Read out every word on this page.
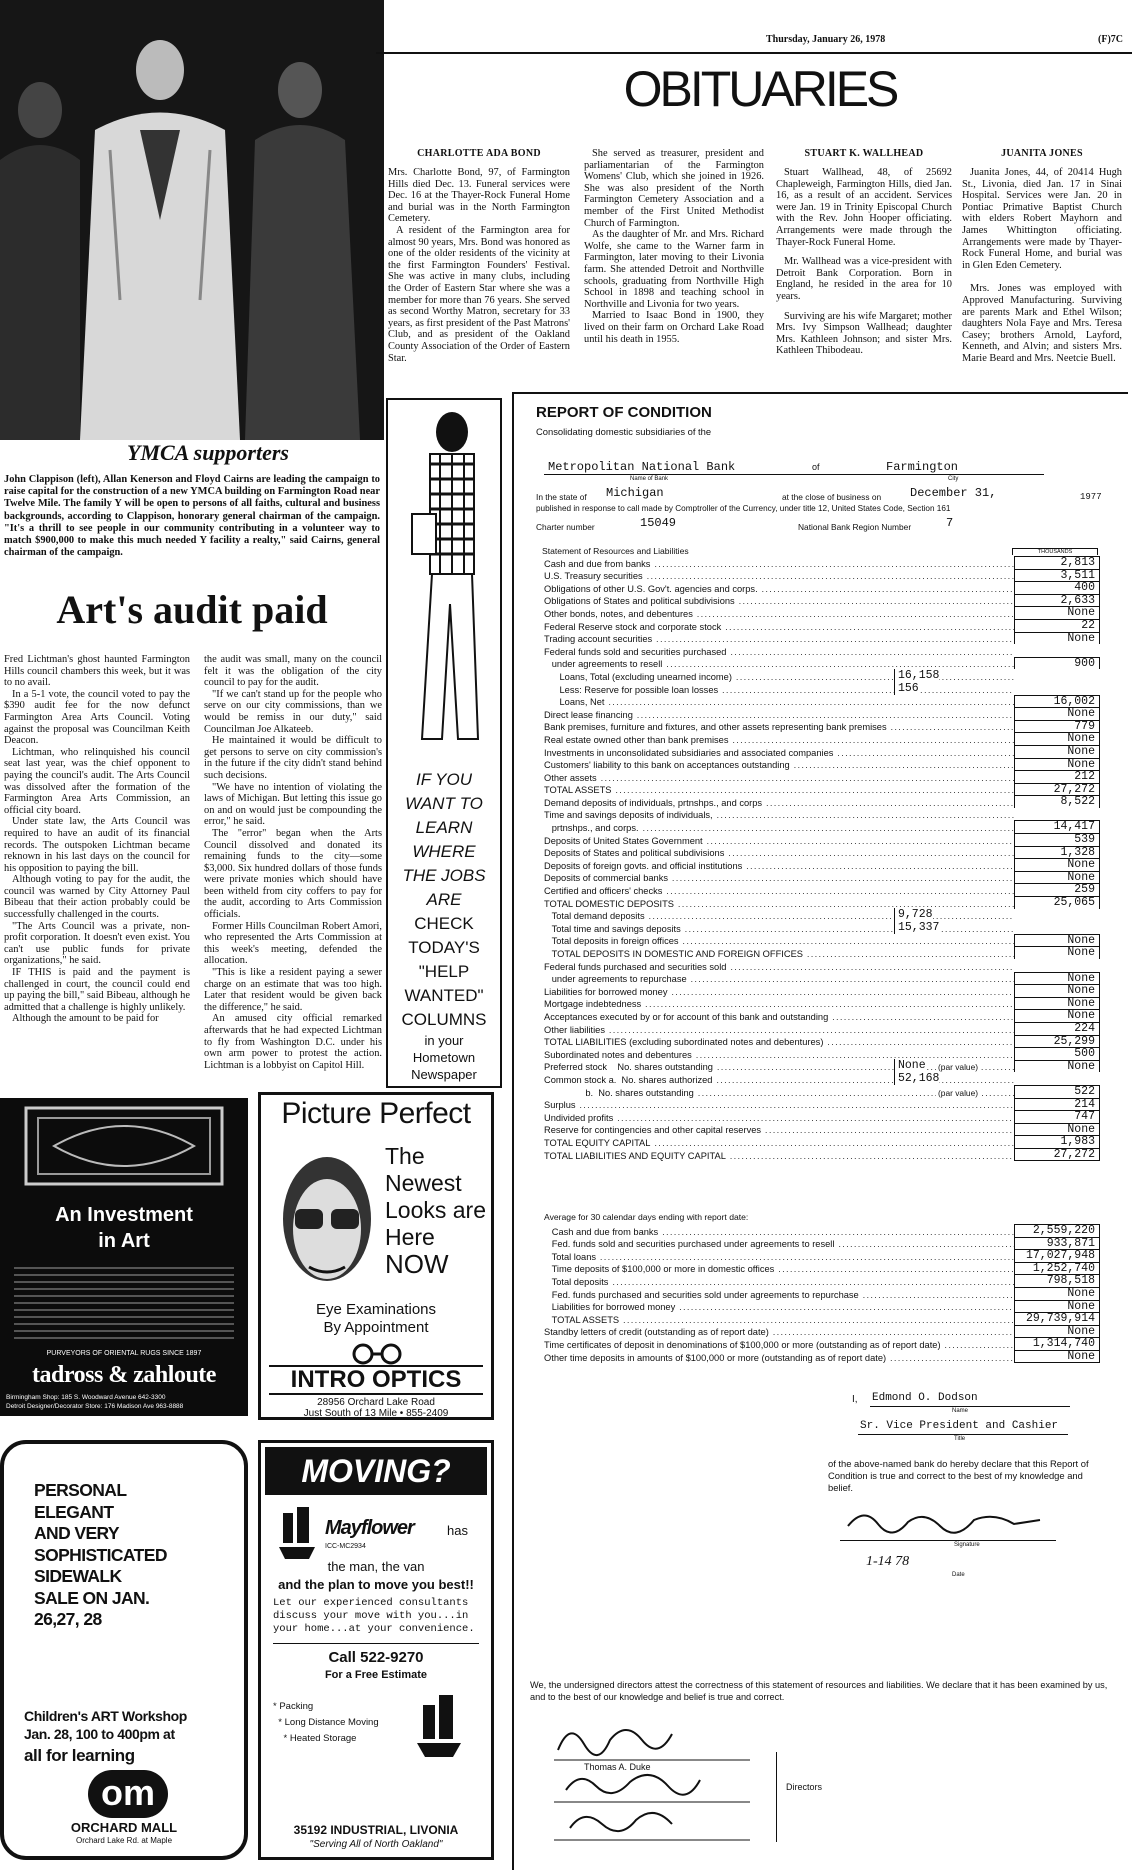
YMCA supporters
John Clappison (left), Allan Kenerson and Floyd Cairns are leading the campaign to raise capital for the construction of a new YMCA building on Farmington Road near Twelve Mile. The family Y will be open to persons of all faiths, cultural and business backgrounds, according to Clappison, honorary general chairman of the campaign. "It's a thrill to see people in our community contributing in a volunteer way to match $900,000 to make this much needed Y facility a realty," said Cairns, general chairman of the campaign.
Art's audit paid

Fred Lichtman's ghost haunted Farmington Hills council chambers this week, but it was to no avail.

In a 5-1 vote, the council voted to pay the $390 audit fee for the now defunct Farmington Area Arts Council. Voting against the proposal was Councilman Keith Deacon.

Lichtman, who relinquished his council seat last year, was the chief opponent to paying the council's audit. The Arts Council was dissolved after the formation of the Farmington Area Arts Commission, an official city board.

Under state law, the Arts Council was required to have an audit of its financial records. The outspoken Lichtman became reknown in his last days on the council for his opposition to paying the bill.

Although voting to pay for the audit, the council was warned by City Attorney Paul Bibeau that their action probably could be successfully challenged in the courts.

"The Arts Council was a private, non-profit corporation. It doesn't even exist. You can't use public funds for private organizations," he said.

IF THIS is paid and the payment is challenged in court, the council could end up paying the bill," said Bibeau, although he admitted that a challenge is highly unlikely.

Although the amount to be paid for

the audit was small, many on the council felt it was the obligation of the city council to pay for the audit.

"If we can't stand up for the people who serve on our city commissions, than we would be remiss in our duty," said Councilman Joe Alkateeb.

He maintained it would be difficult to get persons to serve on city commission's in the future if the city didn't stand behind such decisions.

"We have no intention of violating the laws of Michigan. But letting this issue go on and on would just be compounding the error," he said.

The "error" began when the Arts Council dissolved and donated its remaining funds to the city—some $3,000. Six hundred dollars of those funds were private monies which should have been witheld from city coffers to pay for the audit, according to Arts Commission officials.

Former Hills Councilman Robert Amori, who represented the Arts Commission at this week's meeting, defended the allocation.

"This is like a resident paying a sewer charge on an estimate that was too high. Later that resident would be given back the difference," he said.

An amused city official remarked afterwards that he had expected Lichtman to fly from Washington D.C. under his own arm power to protest the action. Lichtman is a lobbyist on Capitol Hill.

An Investment
in Art
PURVEYORS OF ORIENTAL RUGS SINCE 1897
tadross & zahloute
Birmingham Shop: 185 S. Woodward Avenue 642-3300
Detroit Designer/Decorator Store: 176 Madison Ave 963-8888
PERSONAL
ELEGANT
AND VERY
SOPHISTICATED
SIDEWALK
SALE ON JAN.
26,27, 28
Children's ART Workshop
Jan. 28, 100 to 400pm at
all for learning
om
ORCHARD MALL
Orchard Lake Rd. at Maple
IF YOU
WANT TO
LEARN
WHERE
THE JOBS
ARE
CHECK
TODAY'S
"HELP
WANTED"
COLUMNS
in your
Hometown
Newspaper
Picture Perfect
The
Newest
Looks are
Here
NOW
Eye Examinations
By Appointment
INTRO OPTICS
28956 Orchard Lake Road
Just South of 13 Mile • 855-2409
MOVING?
Mayflower
ICC-MC2934
has
the man, the van
and the plan to move you best!!
Let our experienced consultants discuss your move with you...in your home...at your convenience.
Call 522-9270
For a Free Estimate
* Packing
* Long Distance Moving
* Heated Storage
35192 INDUSTRIAL, LIVONIA
"Serving All of North Oakland"
Thursday, January 26, 1978	(F)7C
OBITUARIES
CHARLOTTE ADA BOND

Mrs. Charlotte Bond, 97, of Farmington Hills died Dec. 13. Funeral services were Dec. 16 at the Thayer-Rock Funeral Home and burial was in the North Farmington Cemetery.

A resident of the Farmington area for almost 90 years, Mrs. Bond was honored as one of the older residents of the vicinity at the first Farmington Founders' Festival. She was active in many clubs, including the Order of Eastern Star where she was a member for more than 76 years. She served as second Worthy Matron, secretary for 33 years, as first president of the Past Matrons' Club, and as president of the Oakland County Association of the Order of Eastern Star.

She served as treasurer, president and parliamentarian of the Farmington Womens' Club, which she joined in 1926. She was also president of the North Farmington Cemetery Association and a member of the First United Methodist Church of Farmington.

As the daughter of Mr. and Mrs. Richard Wolfe, she came to the Warner farm in Farmington, later moving to their Livonia farm. She attended Detroit and Northville schools, graduating from Northville High School in 1898 and teaching school in Northville and Livonia for two years.

Married to Isaac Bond in 1900, they lived on their farm on Orchard Lake Road until his death in 1955.

STUART K. WALLHEAD

Stuart Wallhead, 48, of 25692 Chapleweigh, Farmington Hills, died Jan. 16, as a result of an accident. Services were Jan. 19 in Trinity Episcopal Church with the Rev. John Hooper officiating. Arrangements were made through the Thayer-Rock Funeral Home.

Mr. Wallhead was a vice-president with Detroit Bank Corporation. Born in England, he resided in the area for 10 years.

Surviving are his wife Margaret; mother Mrs. Ivy Simpson Wallhead; daughter Mrs. Kathleen Johnson; and sister Mrs. Kathleen Thibodeau.

JUANITA JONES

Juanita Jones, 44, of 20414 Hugh St., Livonia, died Jan. 17 in Sinai Hospital. Services were Jan. 20 in Pontiac Primative Baptist Church with elders Robert Mayhorn and James Whittington officiating. Arrangements were made by Thayer-Rock Funeral Home, and burial was in Glen Eden Cemetery.

Mrs. Jones was employed with Approved Manufacturing. Surviving are parents Mark and Ethel Wilson; daughters Nola Faye and Mrs. Teresa Casey; brothers Arnold, Layford, Kenneth, and Alvin; and sisters Mrs. Marie Beard and Mrs. Neetcie Buell.

REPORT OF CONDITION
Consolidating domestic subsidiaries of the
Metropolitan National Bank
Name of Bank
of	Farmington
City
In the state of Michigan	at the close of business on December 31,	1977
published in response to call made by Comptroller of the Currency, under title 12, United States Code, Section 161
Charter number	15049	National Bank Region Number	7
Statement of Resources and Liabilities	THOUSANDS
Cash and due from banks .....	2,813
U.S. Treasury securities .....	3,511
Obligations of other U.S. Gov't. agencies and corps. .....	400
Obligations of States and political subdivisions .....	2,633
Other bonds, notes, and debentures .....	None
Federal Reserve stock and corporate stock .....	22
Trading account securities .....	None
Federal funds sold and securities purchased .....
under agreements to resell .....	900
Loans, Total (excluding unearned income) .....	16,158
Less: Reserve for possible loan losses .....	156
Loans, Net .....	16,002
Direct lease financing .....	None
Bank premises, furniture and fixtures, and other assets representing bank premises .....	779
Real estate owned other than bank premises .....	None
Investments in unconsolidated subsidiaries and associated companies .....	None
Customers' liability to this bank on acceptances outstanding .....	None
Other assets .....	212
TOTAL ASSETS .....	27,272
Demand deposits of individuals, prtnshps., and corps .....	8,522
Time and savings deposits of individuals, .....
prtnshps., and corps. .....	14,417
Deposits of United States Government .....	539
Deposits of States and political subdivisions .....	1,328
Deposits of foreign govts. and official institutions .....	None
Deposits of commercial banks .....	None
Certified and officers' checks .....	259
TOTAL DOMESTIC DEPOSITS .....	25,065
Total demand deposits .....	9,728
Total time and savings deposits .....	15,337
Total deposits in foreign offices .....	None
TOTAL DEPOSITS IN DOMESTIC AND FOREIGN OFFICES .....	None
Federal funds purchased and securities sold .....
under agreements to repurchase .....	None
Liabilities for borrowed money .....	None
Mortgage indebtedness .....	None
Acceptances executed by or for account of this bank and outstanding .....	None
Other liabilities .....	224
TOTAL LIABILITIES (excluding subordinated notes and debentures) .....	25,299
Subordinated notes and debentures .....	500
Preferred stock    No. shares outstanding .....	None (par value)	None
Common stock a.  No. shares authorized .....	52,168
b.  No. shares outstanding .....	(par value)	522
Surplus .....	214
Undivided profits .....	747
Reserve for contingencies and other capital reserves .....	None
TOTAL EQUITY CAPITAL .....	1,983
TOTAL LIABILITIES AND EQUITY CAPITAL .....	27,272
Average for 30 calendar days ending with report date:
Cash and due from banks .....	2,559,220
Fed. funds sold and securities purchased under agreements to resell .....	933,871
Total loans .....	17,027,948
Time deposits of $100,000 or more in domestic offices .....	1,252,740
Total deposits .....	798,518
Fed. funds purchased and securities sold under agreements to repurchase .....	None
Liabilities for borrowed money .....	None
TOTAL ASSETS .....	29,739,914
Standby letters of credit (outstanding as of report date) .....	None
Time certificates of deposit in denominations of $100,000 or more (outstanding as of report date) .....	1,314,740
Other time deposits in amounts of $100,000 or more (outstanding as of report date) .....	None
I, Edmond O. Dodson
Name
Sr. Vice President and Cashier
Title
of the above-named bank do hereby declare that this Report of Condition is true and correct to the best of my knowledge and belief.
Signature
1-14 78
Date
We, the undersigned directors attest the correctness of this statement of resources and liabilities. We declare that it has been examined by us, and to the best of our knowledge and belief is true and correct.
Thomas A. Duke
Directors
